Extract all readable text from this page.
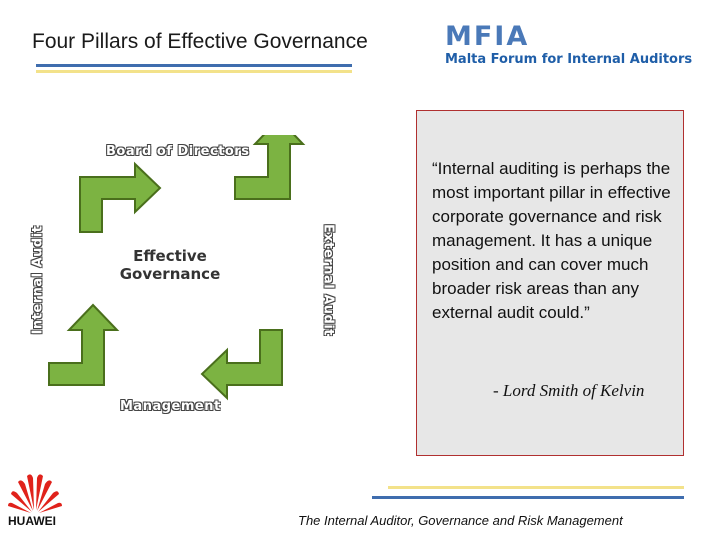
Four Pillars of Effective Governance	MFIA
Malta Forum for Internal Auditors
Board of Directors
Management
Internal Audit	External Audit
Effective
Governance
“Internal auditing is perhaps the most important pillar in effective corporate governance and risk management. It has a unique position and can cover much broader risk areas than any external audit could.”
- Lord Smith of Kelvin
HUAWEI	The Internal Auditor, Governance and Risk Management
